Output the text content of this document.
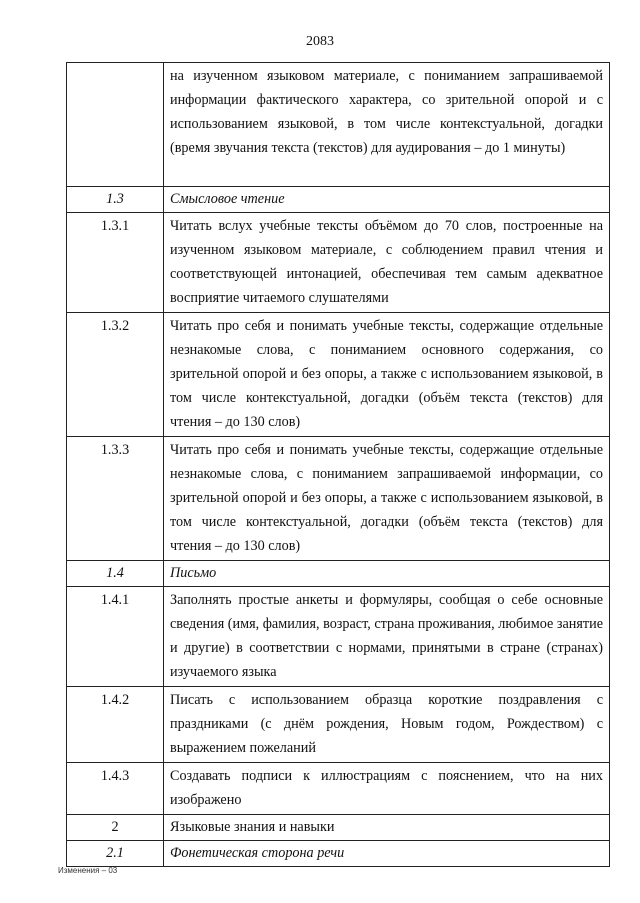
2083
	на изученном языковом материале, с пониманием запрашиваемой информации фактического характера, со зрительной опорой и с использованием языковой, в том числе контекстуальной, догадки (время звучания текста (текстов) для аудирования – до 1 минуты)
1.3	Смысловое чтение
1.3.1	Читать вслух учебные тексты объёмом до 70 слов, построенные на изученном языковом материале, с соблюдением правил чтения и соответствующей интонацией, обеспечивая тем самым адекватное восприятие читаемого слушателями
1.3.2	Читать про себя и понимать учебные тексты, содержащие отдельные незнакомые слова, с пониманием основного содержания, со зрительной опорой и без опоры, а также с использованием языковой, в том числе контекстуальной, догадки (объём текста (текстов) для чтения – до 130 слов)
1.3.3	Читать про себя и понимать учебные тексты, содержащие отдельные незнакомые слова, с пониманием запрашиваемой информации, со зрительной опорой и без опоры, а также с использованием языковой, в том числе контекстуальной, догадки (объём текста (текстов) для чтения – до 130 слов)
1.4	Письмо
1.4.1	Заполнять простые анкеты и формуляры, сообщая о себе основные сведения (имя, фамилия, возраст, страна проживания, любимое занятие и другие) в соответствии с нормами, принятыми в стране (странах) изучаемого языка
1.4.2	Писать с использованием образца короткие поздравления с праздниками (с днём рождения, Новым годом, Рождеством) с выражением пожеланий
1.4.3	Создавать подписи к иллюстрациям с пояснением, что на них изображено
2	Языковые знания и навыки
2.1	Фонетическая сторона речи
Изменения – 03
